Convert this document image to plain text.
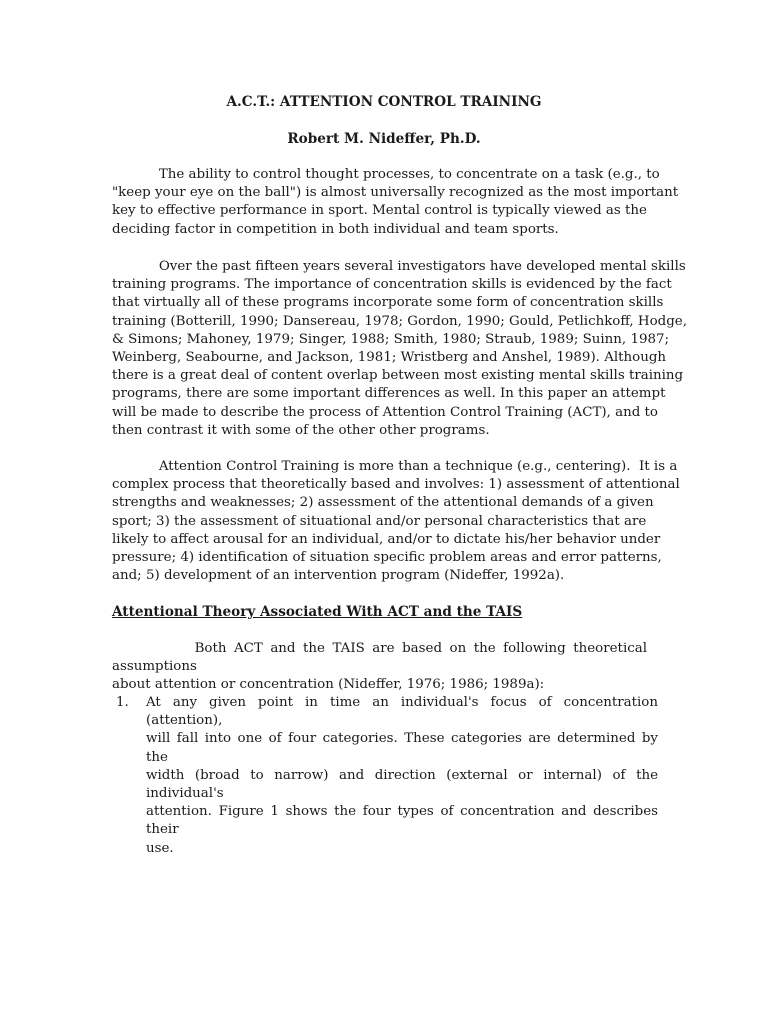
A.C.T.: ATTENTION CONTROL TRAINING
Robert M. Nideffer, Ph.D.
The ability to control thought processes, to concentrate on a task (e.g., to
"keep your eye on the ball") is almost universally recognized as the most important
key to effective performance in sport. Mental control is typically viewed as the
deciding factor in competition in both individual and team sports.
Over the past fifteen years several investigators have developed mental skills
training programs. The importance of concentration skills is evidenced by the fact
that virtually all of these programs incorporate some form of concentration skills
training (Botterill, 1990; Dansereau, 1978; Gordon, 1990; Gould, Petlichkoff, Hodge,
& Simons; Mahoney, 1979; Singer, 1988; Smith, 1980; Straub, 1989; Suinn, 1987;
Weinberg, Seabourne, and Jackson, 1981; Wristberg and Anshel, 1989). Although
there is a great deal of content overlap between most existing mental skills training
programs, there are some important differences as well. In this paper an attempt
will be made to describe the process of Attention Control Training (ACT), and to
then contrast it with some of the other other programs.
Attention Control Training is more than a technique (e.g., centering).  It is a
complex process that theoretically based and involves: 1) assessment of attentional
strengths and weaknesses; 2) assessment of the attentional demands of a given
sport; 3) the assessment of situational and/or personal characteristics that are
likely to affect arousal for an individual, and/or to dictate his/her behavior under
pressure; 4) identification of situation specific problem areas and error patterns,
and; 5) development of an intervention program (Nideffer, 1992a).
Attentional Theory Associated With ACT and the TAIS
Both ACT and the TAIS are based on the following theoretical assumptions
about attention or concentration (Nideffer, 1976; 1986; 1989a):
1. At any given point in time an individual's focus of concentration (attention),
will fall into one of four categories. These categories are determined by the
width (broad to narrow) and direction (external or internal) of the individual's
attention. Figure 1 shows the four types of concentration and describes their
use.
